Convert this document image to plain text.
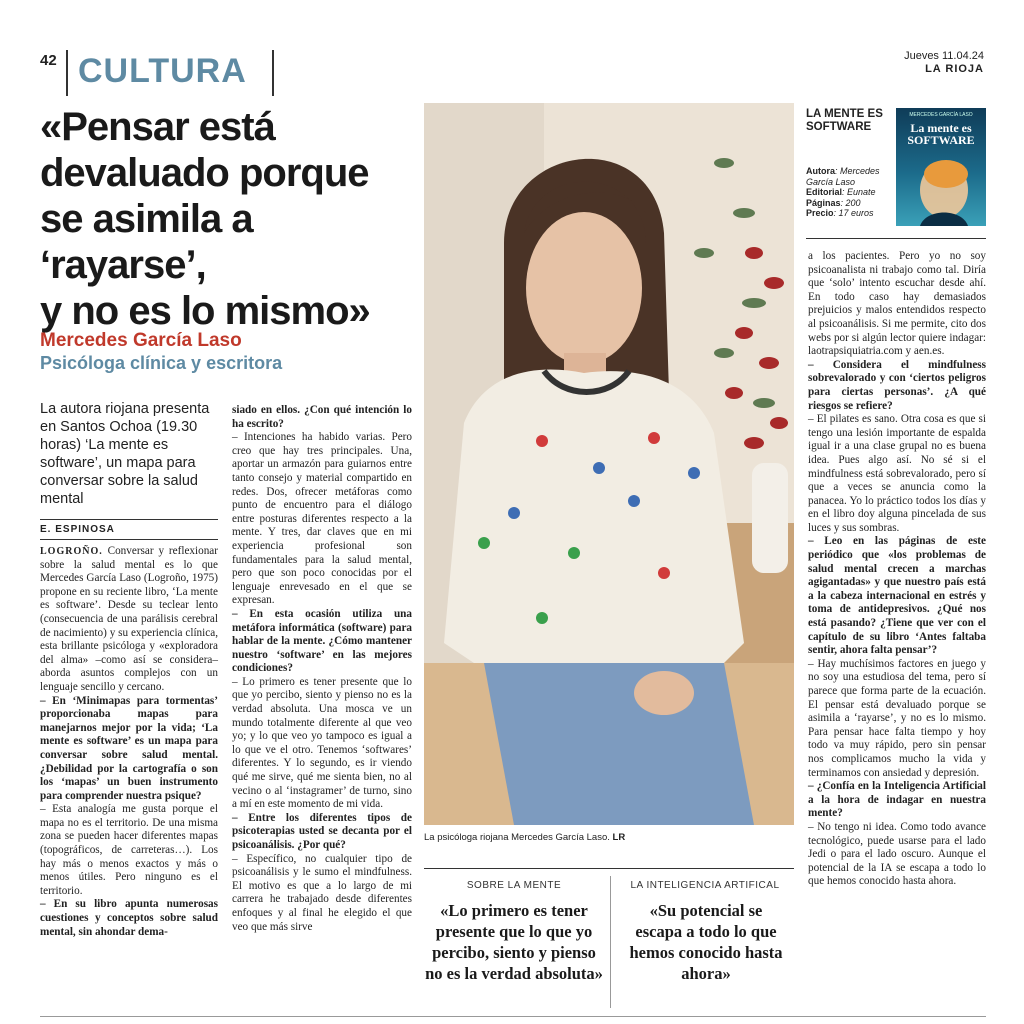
42 CULTURA	Jueves 11.04.24
LA RIOJA
«Pensar está
devaluado porque
se asimila a ‘rayarse’,
y no es lo mismo»
Mercedes García Laso
Psicóloga clínica y escritora
La autora riojana presenta en Santos Ochoa (19.30 horas) ‘La mente es software’, un mapa para conversar sobre la salud mental
E. ESPINOSA

LOGROÑO. Conversar y reflexionar sobre la salud mental es lo que Mercedes García Laso (Logroño, 1975) propone en su reciente libro, ‘La mente es software’. Desde su teclear lento (consecuencia de una parálisis cerebral de nacimiento) y su experiencia clínica, esta brillante psicóloga y «exploradora del alma» –como así se considera– aborda asuntos complejos con un lenguaje sencillo y cercano.

– En ‘Minimapas para tormentas’ proporcionaba mapas para manejarnos mejor por la vida; ‘La mente es software’ es un mapa para conversar sobre salud mental. ¿Debilidad por la cartografía o son los ‘mapas’ un buen instrumento para comprender nuestra psique?

– Esta analogía me gusta porque el mapa no es el territorio. De una misma zona se pueden hacer diferentes mapas (topográficos, de carreteras…). Los hay más o menos exactos y más o menos útiles. Pero ninguno es el territorio.

– En su libro apunta numerosas cuestiones y conceptos sobre salud mental, sin ahondar dema-

siado en ellos. ¿Con qué intención lo ha escrito?

– Intenciones ha habido varias. Pero creo que hay tres principales. Una, aportar un armazón para guiarnos entre tanto consejo y material compartido en redes. Dos, ofrecer metáforas como punto de encuentro para el diálogo entre posturas diferentes respecto a la mente. Y tres, dar claves que en mi experiencia profesional son fundamentales para la salud mental, pero que son poco conocidas por el lenguaje enrevesado en el que se expresan.

– En esta ocasión utiliza una metáfora informática (software) para hablar de la mente. ¿Cómo mantener nuestro ‘software’ en las mejores condiciones?

– Lo primero es tener presente que lo que yo percibo, siento y pienso no es la verdad absoluta. Una mosca ve un mundo totalmente diferente al que veo yo; y lo que veo yo tampoco es igual a lo que ve el otro. Tenemos ‘softwares’ diferentes. Y lo segundo, es ir viendo qué me sirve, qué me sienta bien, no al vecino o al ‘instagramer’ de turno, sino a mí en este momento de mi vida.

– Entre los diferentes tipos de psicoterapias usted se decanta por el psicoanálisis. ¿Por qué?

– Específico, no cualquier tipo de psicoanálisis y le sumo el mindfulness. El motivo es que a lo largo de mi carrera he trabajado desde diferentes enfoques y al final he elegido el que veo que más sirve

La psicóloga riojana Mercedes García Laso. LR
SOBRE LA MENTE
«Lo primero es tener presente que lo que yo percibo, siento y pienso no es la verdad absoluta»
LA INTELIGENCIA ARTIFICAL
«Su potencial se escapa a todo lo que hemos conocido hasta ahora»
LA MENTE ES SOFTWARE
Autora: Mercedes García Laso
Editorial: Eunate
Páginas: 200
Precio: 17 euros
MERCEDES GARCÍA LASO
La mente es
SOFTWARE

a los pacientes. Pero yo no soy psicoanalista ni trabajo como tal. Diría que ‘solo’ intento escuchar desde ahí. En todo caso hay demasiados prejuicios y malos entendidos respecto al psicoanálisis. Si me permite, cito dos webs por si algún lector quiere indagar: laotrapsiquiatria.com y aen.es.

– Considera el mindfulness sobrevalorado y con ‘ciertos peligros para ciertas personas’. ¿A qué riesgos se refiere?

– El pilates es sano. Otra cosa es que si tengo una lesión importante de espalda igual ir a una clase grupal no es buena idea. Pues algo así. No sé si el mindfulness está sobrevalorado, pero sí que a veces se anuncia como la panacea. Yo lo práctico todos los días y en el libro doy alguna pincelada de sus luces y sus sombras.

– Leo en las páginas de este periódico que «los problemas de salud mental crecen a marchas agigantadas» y que nuestro país está a la cabeza internacional en estrés y toma de antidepresivos. ¿Qué nos está pasando? ¿Tiene que ver con el capítulo de su libro ‘Antes faltaba sentir, ahora falta pensar’?

– Hay muchísimos factores en juego y no soy una estudiosa del tema, pero sí parece que forma parte de la ecuación. El pensar está devaluado porque se asimila a ‘rayarse’, y no es lo mismo. Para pensar hace falta tiempo y hoy todo va muy rápido, pero sin pensar nos complicamos mucho la vida y terminamos con ansiedad y depresión.

– ¿Confía en la Inteligencia Artificial a la hora de indagar en nuestra mente?

– No tengo ni idea. Como todo avance tecnológico, puede usarse para el lado Jedi o para el lado oscuro. Aunque el potencial de la IA se escapa a todo lo que hemos conocido hasta ahora.
